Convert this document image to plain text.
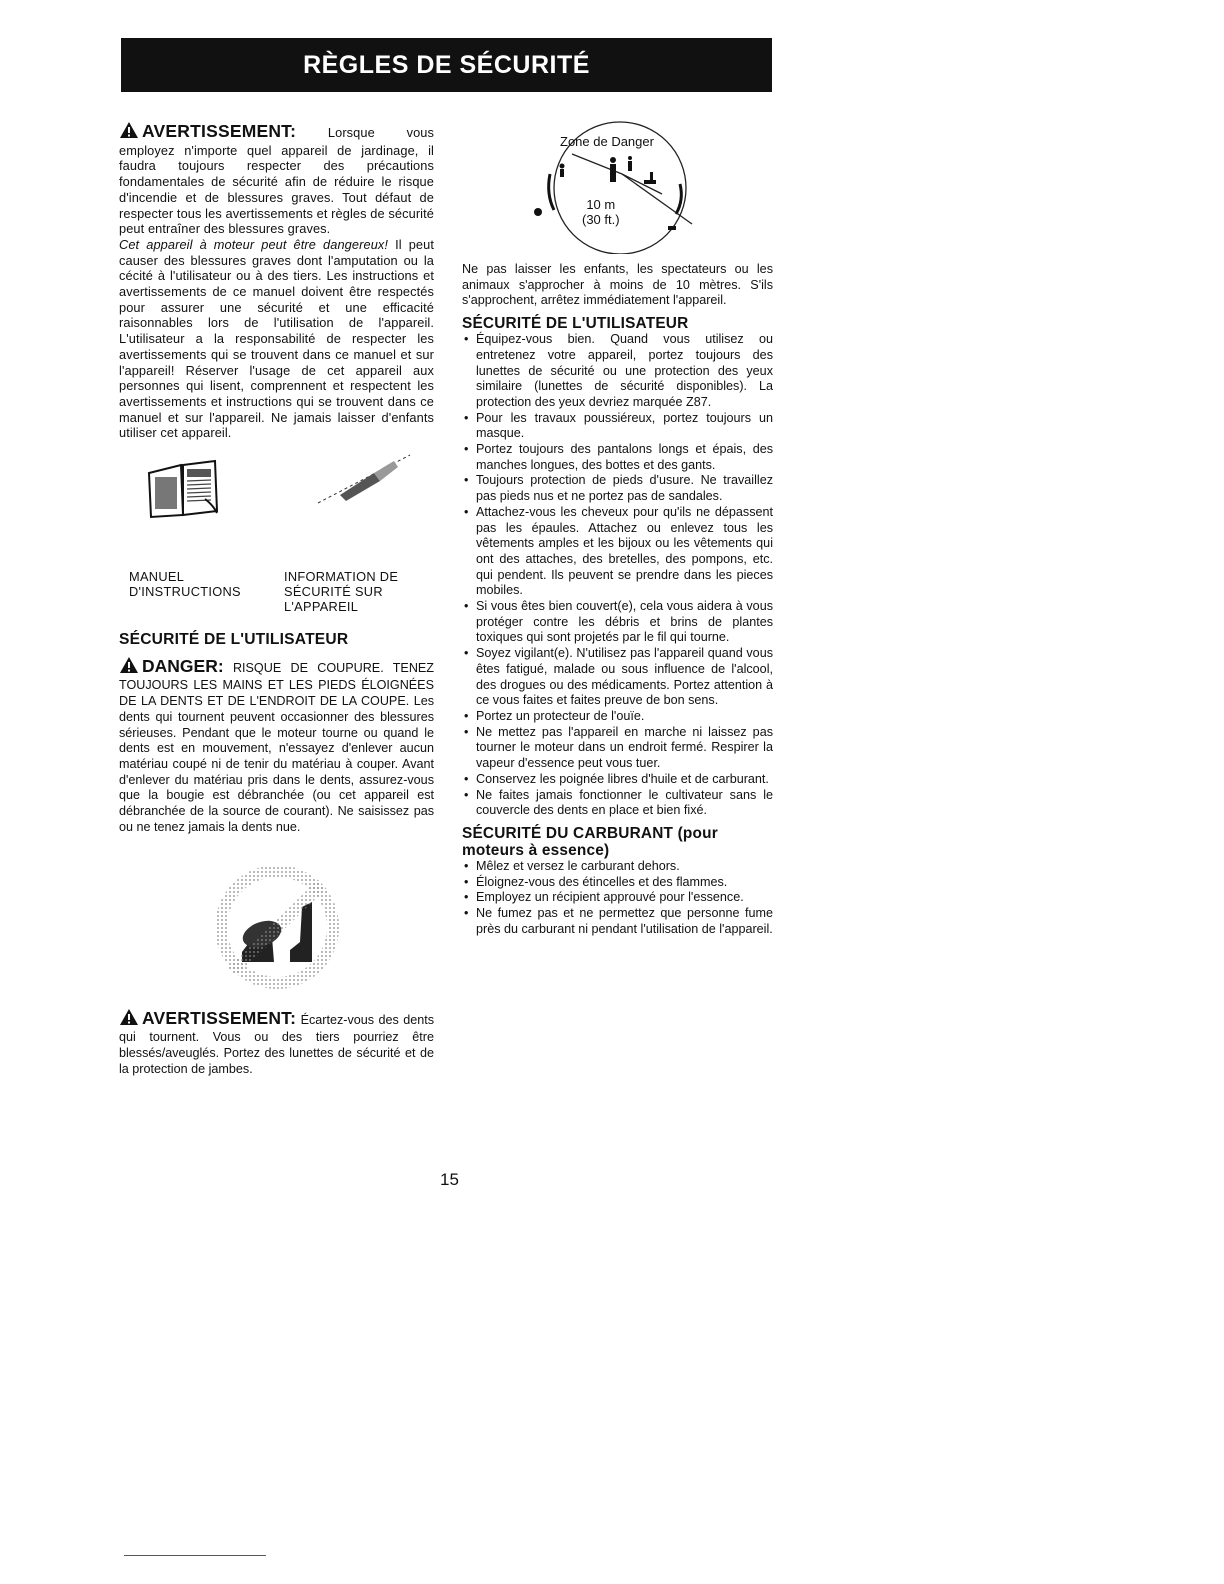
RÈGLES DE SÉCURITÉ

AVERTISSEMENT: Lorsque vous employez n'importe quel appareil de jardinage, il faudra toujours respecter des précautions fondamentales de sécurité afin de réduire le risque d'incendie et de blessures graves. Tout défaut de respecter tous les avertissements et règles de sécurité peut entraîner des blessures graves.

Cet appareil à moteur peut être dangereux! Il peut causer des blessures graves dont l'amputation ou la cécité à l'utilisateur ou à des tiers. Les instructions et avertissements de ce manuel doivent être respectés pour assurer une sécurité et une efficacité raisonnables lors de l'utilisation de l'appareil. L'utilisateur a la responsabilité de respecter les avertissements qui se trouvent dans ce manuel et sur l'appareil! Réserver l'usage de cet appareil aux personnes qui lisent, comprennent et respectent les avertissements et instructions qui se trouvent dans ce manuel et sur l'appareil. Ne jamais laisser d'enfants utiliser cet appareil.

MANUEL
D'INSTRUCTIONS
INFORMATION DE
SÉCURITÉ SUR
L'APPAREIL
SÉCURITÉ DE L'UTILISATEUR

DANGER: RISQUE DE COUPURE. TENEZ TOUJOURS LES MAINS ET LES PIEDS ÉLOIGNÉES DE LA DENTS ET DE L'ENDROIT DE LA COUPE. Les dents qui tournent peuvent occasionner des blessures sérieuses. Pendant que le moteur tourne ou quand le dents est en mouvement, n'essayez d'enlever aucun matériau coupé ni de tenir du matériau à couper. Avant d'enlever du matériau pris dans le dents, assurez-vous que la bougie est débranchée (ou cet appareil est débranchée de la source de courant). Ne saisissez pas ou ne tenez jamais la dents nue.

AVERTISSEMENT: Écartez-vous des dents qui tournent. Vous ou des tiers pourriez être blessés/aveuglés. Portez des lunettes de sécurité et de la protection de jambes.

Zone de Danger
10 m
(30 ft.)

Ne pas laisser les enfants, les spectateurs ou les animaux s'approcher à moins de 10 mètres. S'ils s'approchent, arrêtez immédiatement l'appareil.

SÉCURITÉ DE L'UTILISATEUR
• Équipez-vous bien. Quand vous utilisez ou entretenez votre appareil, portez toujours des lunettes de sécurité ou une protection des yeux similaire (lunettes de sécurité disponibles). La protection des yeux devriez marquée Z87.
• Pour les travaux poussiéreux, portez toujours un masque.
• Portez toujours des pantalons longs et épais, des manches longues, des bottes et des gants.
• Toujours protection de pieds d'usure. Ne travaillez pas pieds nus et ne portez pas de sandales.
• Attachez-vous les cheveux pour qu'ils ne dépassent pas les épaules. Attachez ou enlevez tous les vêtements amples et les bijoux ou les vêtements qui ont des attaches, des bretelles, des pompons, etc. qui pendent. Ils peuvent se prendre dans les pieces mobiles.
• Si vous êtes bien couvert(e), cela vous aidera à vous protéger contre les débris et brins de plantes toxiques qui sont projetés par le fil qui tourne.
• Soyez vigilant(e). N'utilisez pas l'appareil quand vous êtes fatigué, malade ou sous influence de l'alcool, des drogues ou des médicaments. Portez attention à ce vous faites et faites preuve de bon sens.
• Portez un protecteur de l'ouïe.
• Ne mettez pas l'appareil en marche ni laissez pas tourner le moteur dans un endroit fermé. Respirer la vapeur d'essence peut vous tuer.
• Conservez les poignée libres d'huile et de carburant.
• Ne faites jamais fonctionner le cultivateur sans le couvercle des dents en place et bien fixé.
SÉCURITÉ DU CARBURANT (pour moteurs à essence)
• Mêlez et versez le carburant dehors.
• Éloignez-vous des étincelles et des flammes.
• Employez un récipient approuvé pour l'essence.
• Ne fumez pas et ne permettez que personne fume près du carburant ni pendant l'utilisation de l'appareil.
15
